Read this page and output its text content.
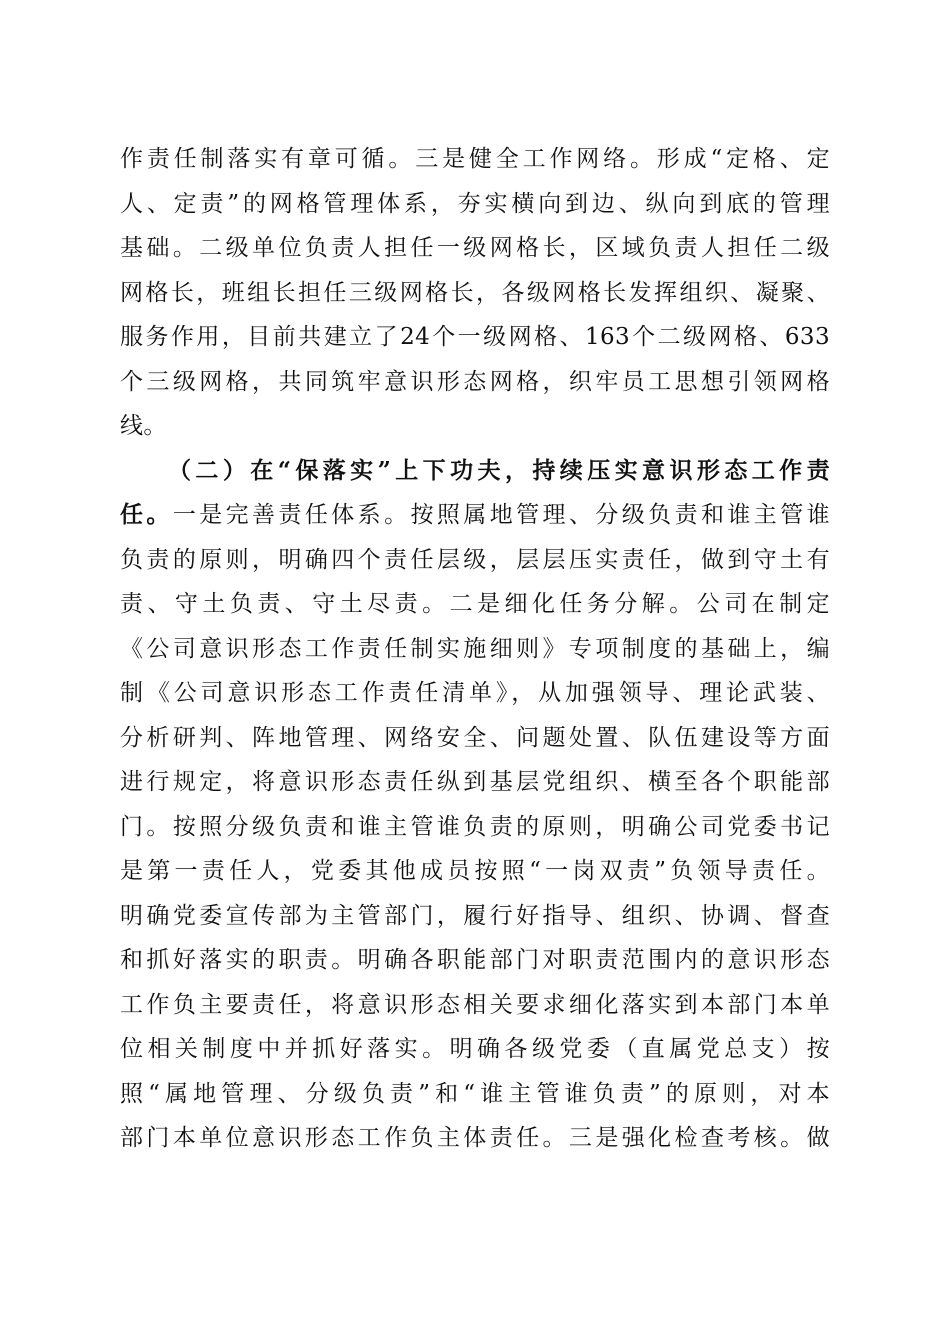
作责任制落实有章可循。三是健全工作网络。形成“定格、定
人、定责”的网格管理体系，夯实横向到边、纵向到底的管理
基础。二级单位负责人担任一级网格长，区域负责人担任二级
网格长，班组长担任三级网格长，各级网格长发挥组织、凝聚、
服务作用，目前共建立了24个一级网格、163个二级网格、633
个三级网格，共同筑牢意识形态网格，织牢员工思想引领网格
线。
（二）在“保落实”上下功夫，持续压实意识形态工作责
任。一是完善责任体系。按照属地管理、分级负责和谁主管谁
负责的原则，明确四个责任层级，层层压实责任，做到守土有
责、守土负责、守土尽责。二是细化任务分解。公司在制定
《公司意识形态工作责任制实施细则》专项制度的基础上，编
制《公司意识形态工作责任清单》，从加强领导、理论武装、
分析研判、阵地管理、网络安全、问题处置、队伍建设等方面
进行规定，将意识形态责任纵到基层党组织、横至各个职能部
门。按照分级负责和谁主管谁负责的原则，明确公司党委书记
是第一责任人，党委其他成员按照“一岗双责”负领导责任。
明确党委宣传部为主管部门，履行好指导、组织、协调、督查
和抓好落实的职责。明确各职能部门对职责范围内的意识形态
工作负主要责任，将意识形态相关要求细化落实到本部门本单
位相关制度中并抓好落实。明确各级党委（直属党总支）按
照“属地管理、分级负责”和“谁主管谁负责”的原则，对本
部门本单位意识形态工作负主体责任。三是强化检查考核。做
